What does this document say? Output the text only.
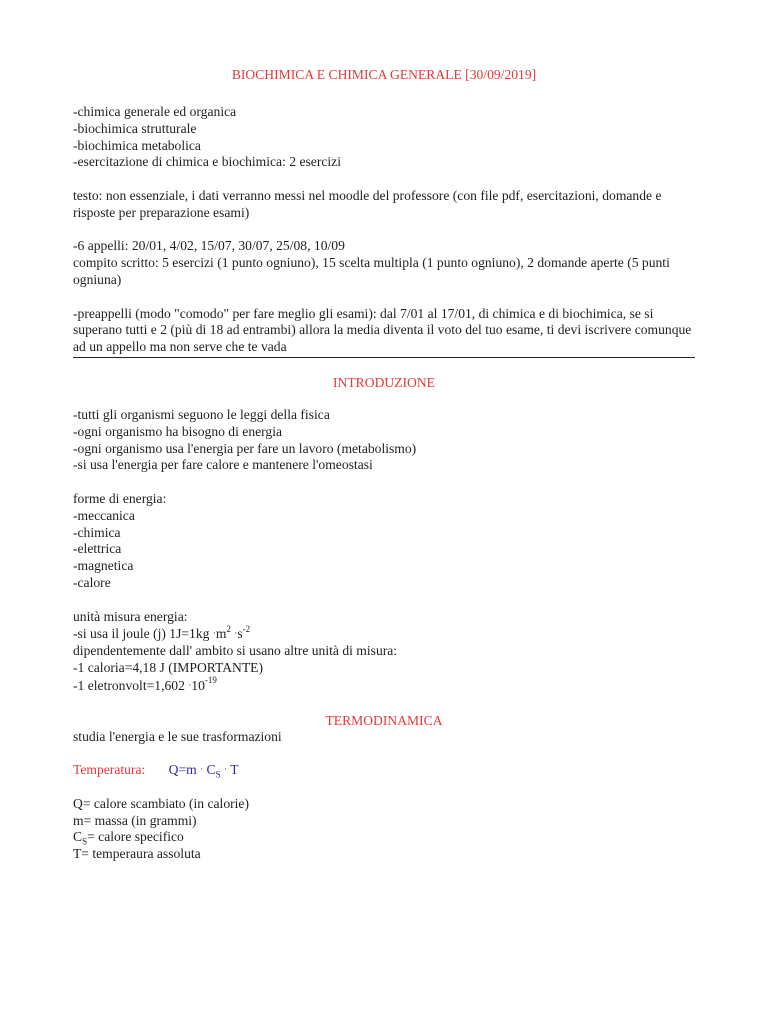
BIOCHIMICA E CHIMICA GENERALE [30/09/2019]
-chimica generale ed organica
-biochimica strutturale
-biochimica metabolica
-esercitazione di chimica e biochimica: 2 esercizi

testo: non essenziale, i dati verranno messi nel moodle del professore (con file pdf, esercitazioni, domande e risposte per preparazione esami)

-6 appelli: 20/01, 4/02, 15/07, 30/07, 25/08, 10/09

compito scritto: 5 esercizi (1 punto ogniuno), 15 scelta multipla (1 punto ogniuno), 2 domande aperte (5 punti ogniuna)

-preappelli (modo "comodo" per fare meglio gli esami): dal 7/01 al 17/01, di chimica e di biochimica, se si superano tutti e 2 (più di 18 ad entrambi) allora la media diventa il voto del tuo esame, ti devi iscrivere comunque ad un appello ma non serve che te vada

INTRODUZIONE
-tutti gli organismi seguono le leggi della fisica
-ogni organismo ha bisogno di energia
-ogni organismo usa l'energia per fare un lavoro (metabolismo)
-si usa l'energia per fare calore e mantenere l'omeostasi
forme di energia:
-meccanica
-chimica
-elettrica
-magnetica
-calore
unità misura energia:
-si usa il joule (j) $1J=1kg \cdot m^2 \cdot s^{-2}$
dipendentemente dall' ambito si usano altre unità di misura:
-1 caloria=4,18 J (IMPORTANTE)
-1 eletronvolt=1,602 $\cdot 10^{-19}$
TERMODINAMICA
studia l'energia e le sue trasformazioni
Temperatura: $Q=m \cdot C_S \cdot T$
Q= calore scambiato (in calorie)
m= massa (in grammi)
$C_S=$ calore specifico
T= temperaura assoluta
